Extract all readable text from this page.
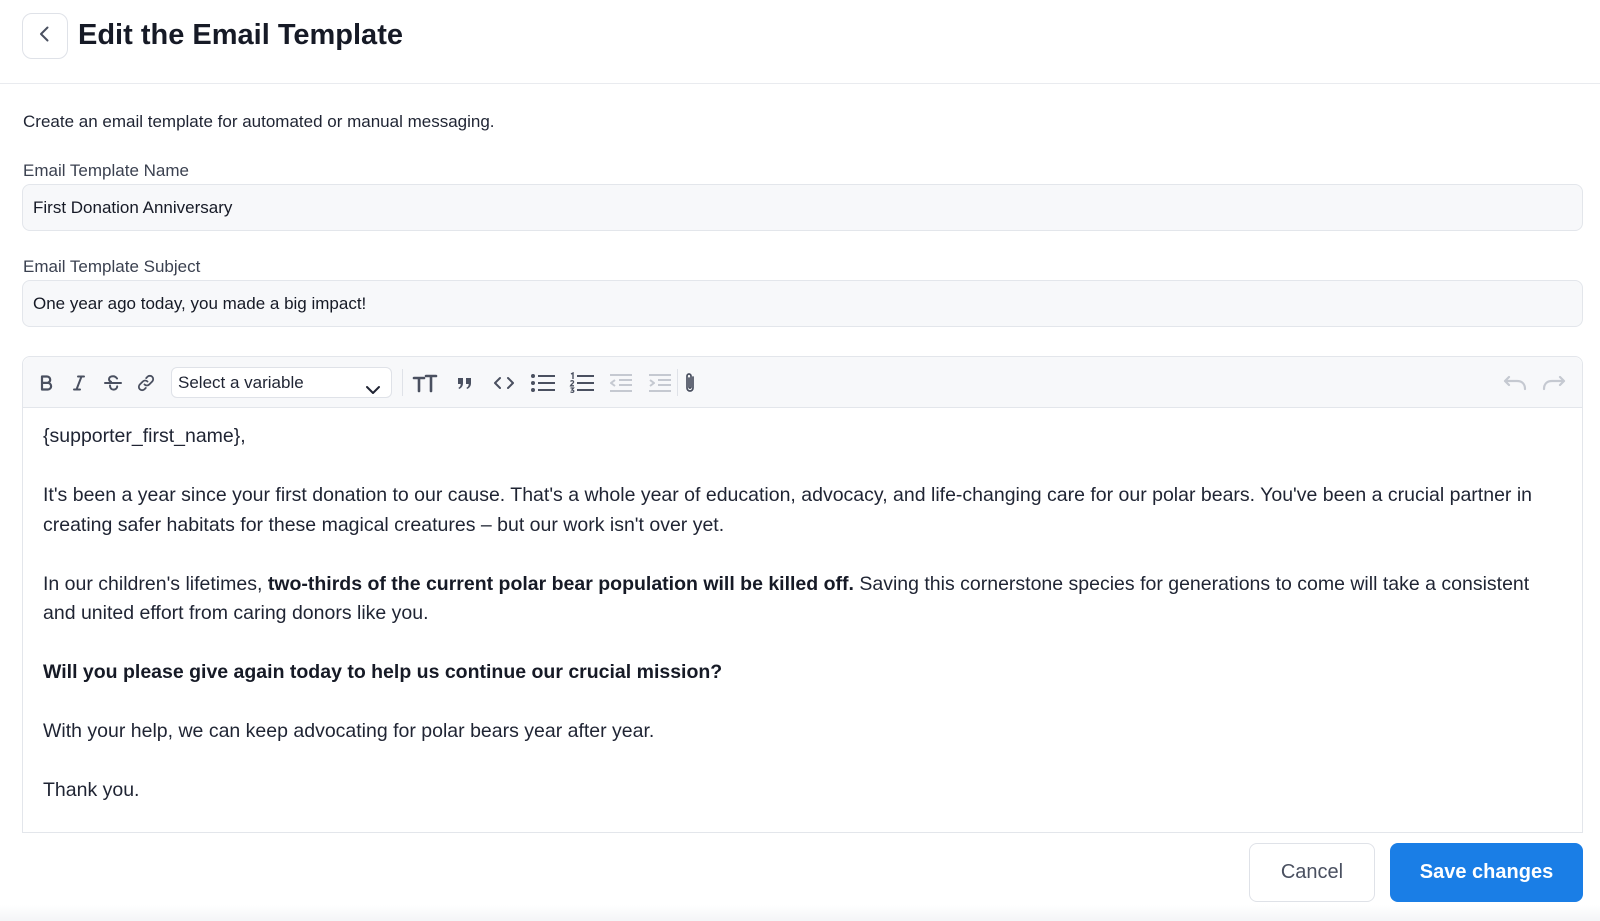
Edit the Email Template
Create an email template for automated or manual messaging.
Email Template Name
First Donation Anniversary
Email Template Subject
One year ago today, you made a big impact!
Select a variable

{supporter_first_name},

It's been a year since your first donation to our cause. That's a whole year of education, advocacy, and life-changing care for our polar bears. You've been a crucial partner in creating safer habitats for these magical creatures – but our work isn't over yet.

In our children's lifetimes, two-thirds of the current polar bear population will be killed off. Saving this cornerstone species for generations to come will take a consistent and united effort from caring donors like you.

Will you please give again today to help us continue our crucial mission?

With your help, we can keep advocating for polar bears year after year.

Thank you.

Cancel	Save changes
